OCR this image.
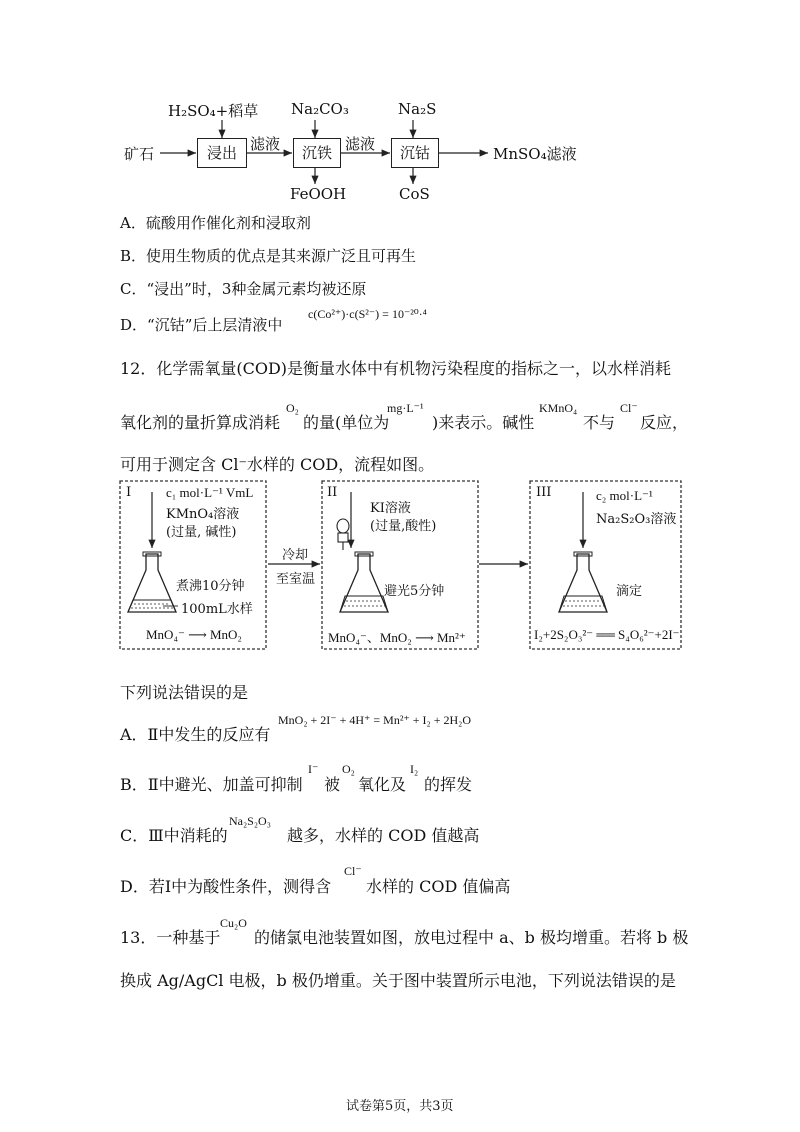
H₂SO₄+稻草 Na₂CO₃	Na₂S
矿石	浸出 滤液	沉铁 滤液	沉钴	MnSO₄滤液
FeOOH	CoS
A．硫酸用作催化剂和浸取剂
B．使用生物质的优点是其来源广泛且可再生
C．“浸出”时，3种金属元素均被还原
D．“沉钴”后上层清液中
c(Co²⁺)·c(S²⁻) = 10⁻²⁰·⁴
12．化学需氧量(COD)是衡量水体中有机物污染程度的指标之一，以水样消耗
氧化剂的量折算成消耗
O₂
的量(单位为
mg·L⁻¹
)来表示。碱性
KMnO₄
不与
Cl⁻
反应，
可用于测定含 Cl⁻水样的 COD，流程如图。
I	c₁ mol·L⁻¹ VmL
KMnO₄溶液
(过量, 碱性)
煮沸10分钟
100mL水样
MnO₄⁻ ⟶ MnO₂
冷却
至室温
II
KI溶液
(过量,酸性)
避光5分钟
MnO₄⁻、MnO₂ ⟶ Mn²⁺
III	c₂ mol·L⁻¹
Na₂S₂O₃溶液
滴定
I₂+2S₂O₃²⁻ ══ S₄O₆²⁻+2I⁻
下列说法错误的是
A．Ⅱ中发生的反应有
MnO₂ + 2I⁻ + 4H⁺ = Mn²⁺ + I₂ + 2H₂O
B．Ⅱ中避光、加盖可抑制
I⁻
被
O₂
氧化及
I₂
的挥发
C．Ⅲ中消耗的
Na₂S₂O₃
越多，水样的 COD 值越高
D．若Ⅰ中为酸性条件，测得含
Cl⁻
水样的 COD 值偏高
13．一种基于
Cu₂O
的储氯电池装置如图，放电过程中 a、b 极均增重。若将 b 极
换成 Ag/AgCl 电极，b 极仍增重。关于图中装置所示电池，下列说法错误的是
试卷第5页，共3页
